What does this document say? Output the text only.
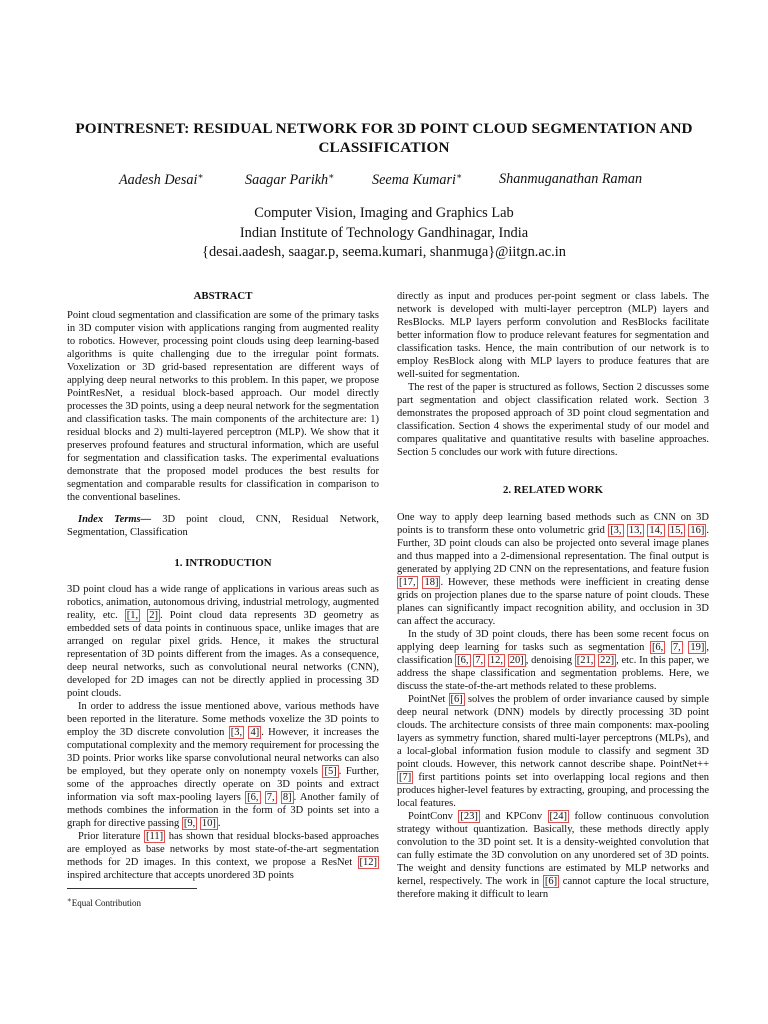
POINTRESNET: RESIDUAL NETWORK FOR 3D POINT CLOUD SEGMENTATION AND CLASSIFICATION
Aadesh Desai∗	Saagar Parikh∗	Seema Kumari∗	Shanmuganathan Raman
Computer Vision, Imaging and Graphics Lab
Indian Institute of Technology Gandhinagar, India
{desai.aadesh, saagar.p, seema.kumari, shanmuga}@iitgn.ac.in
ABSTRACT

Point cloud segmentation and classification are some of the primary tasks in 3D computer vision with applications ranging from augmented reality to robotics. However, processing point clouds using deep learning-based algorithms is quite challenging due to the irregular point formats. Voxelization or 3D grid-based representation are different ways of applying deep neural networks to this problem. In this paper, we propose PointResNet, a residual block-based approach. Our model directly processes the 3D points, using a deep neural network for the segmentation and classification tasks. The main components of the architecture are: 1) residual blocks and 2) multi-layered perceptron (MLP). We show that it preserves profound features and structural information, which are useful for segmentation and classification tasks. The experimental evaluations demonstrate that the proposed model produces the best results for segmentation and comparable results for classification in comparison to the conventional baselines.

Index Terms— 3D point cloud, CNN, Residual Network, Segmentation, Classification

1. INTRODUCTION

3D point cloud has a wide range of applications in various areas such as robotics, animation, autonomous driving, industrial metrology, augmented reality, etc. [1, 2] . Point cloud data represents 3D geometry as embedded sets of data points in continuous space, unlike images that are arranged on regular pixel grids. Hence, it makes the structural representation of 3D points different from the images. As a consequence, deep neural networks, such as convolutional neural networks (CNN), developed for 2D images can not be directly applied in processing 3D point clouds.

In order to address the issue mentioned above, various methods have been reported in the literature. Some methods voxelize the 3D points to employ the 3D discrete convolution [3, 4] . However, it increases the computational complexity and the memory requirement for processing the 3D points. Prior works like sparse convolutional neural networks can also be employed, but they operate only on nonempty voxels [5] . Further, some of the approaches directly operate on 3D points and extract information via soft max-pooling layers [6, 7, 8] . Another family of methods combines the information in the form of 3D points set into a graph for directive passing [9, 10] .

Prior literature [11] has shown that residual blocks-based approaches are employed as base networks by most state-of-the-art segmentation methods for 2D images. In this context, we propose a ResNet [12] inspired architecture that accepts unordered 3D points

∗Equal Contribution

directly as input and produces per-point segment or class labels. The network is developed with multi-layer perceptron (MLP) layers and ResBlocks. MLP layers perform convolution and ResBlocks facilitate better information flow to produce relevant features for segmentation and classification tasks. Hence, the main contribution of our network is to employ ResBlock along with MLP layers to produce features that are well-suited for segmentation.

The rest of the paper is structured as follows, Section 2 discusses some part segmentation and object classification related work. Section 3 demonstrates the proposed approach of 3D point cloud segmentation and classification. Section 4 shows the experimental study of our model and compares qualitative and quantitative results with baseline approaches. Section 5 concludes our work with future directions.

2. RELATED WORK

One way to apply deep learning based methods such as CNN on 3D points is to transform these onto volumetric grid [3, 13, 14, 15, 16] . Further, 3D point clouds can also be projected onto several image planes and thus mapped into a 2-dimensional representation. The final output is generated by applying 2D CNN on the representations, and feature fusion [17, 18] . However, these methods were inefficient in creating dense grids on projection planes due to the sparse nature of point clouds. These planes can significantly impact recognition ability, and occlusion in 3D can affect the accuracy.

In the study of 3D point clouds, there has been some recent focus on applying deep learning for tasks such as segmentation [6, 7, 19] , classification [6, 7, 12, 20] , denoising [21, 22] , etc. In this paper, we address the shape classification and segmentation problems. Here, we discuss the state-of-the-art methods related to these problems.

PointNet [6] solves the problem of order invariance caused by simple deep neural network (DNN) models by directly processing 3D point clouds. The architecture consists of three main components: max-pooling layers as symmetry function, shared multi-layer perceptrons (MLPs), and a local-global information fusion module to classify and segment 3D point clouds. However, this network cannot describe shape. PointNet++ [7] first partitions points set into overlapping local regions and then produces higher-level features by extracting, grouping, and processing the local features.

PointConv [23] and KPConv [24] follow continuous convolution strategy without quantization. Basically, these methods directly apply convolution to the 3D point set. It is a density-weighted convolution that can fully estimate the 3D convolution on any unordered set of 3D points. The weight and density functions are estimated by MLP networks and kernel, respectively. The work in [6] cannot capture the local structure, therefore making it difficult to learn
